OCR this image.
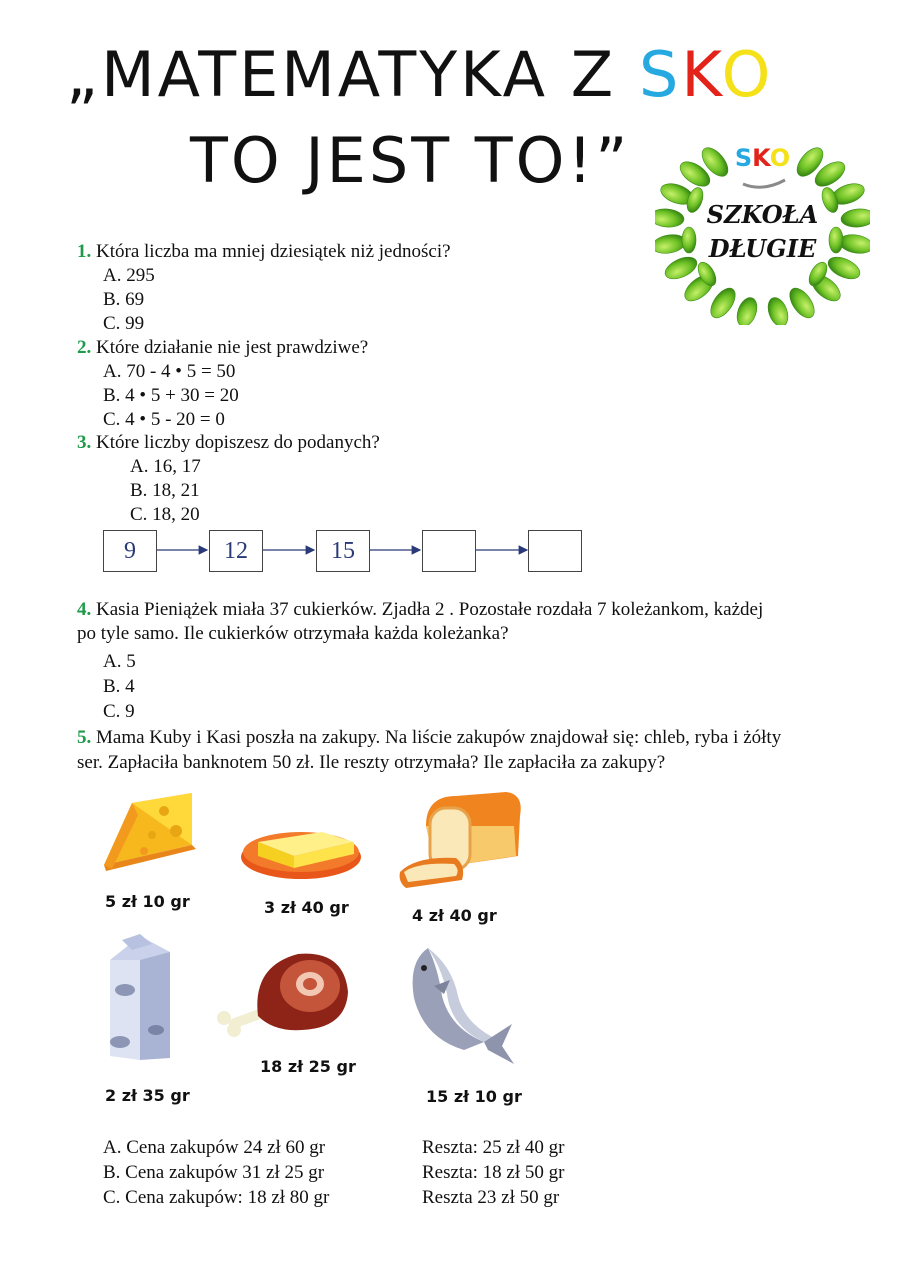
„MATEMATYKA Z SKO
TO JEST TO!”	SKO
SZKOŁA
DŁUGIE
1. Która liczba ma mniej dziesiątek niż jedności?
A. 295
B. 69
C. 99
2. Które działanie nie jest prawdziwe?
A. 70 - 4 • 5 = 50
B. 4 • 5 + 30 = 20
C. 4 • 5 - 20 = 0
3. Które liczby dopiszesz do podanych?
A. 16, 17
B. 18, 21
C. 18, 20
9	12	15
4. Kasia Pieniążek miała 37 cukierków. Zjadła 2 . Pozostałe rozdała 7 koleżankom, każdej
po tyle samo. Ile cukierków otrzymała każda koleżanka?
A. 5
B. 4
C. 9
5. Mama Kuby i Kasi poszła na zakupy. Na liście zakupów znajdował się: chleb, ryba i żółty
ser. Zapłaciła banknotem 50 zł. Ile reszty otrzymała? Ile zapłaciła za zakupy?
5 zł 10 gr	3 zł 40 gr	4 zł 40 gr
2 zł 35 gr
18 zł 25 gr
15 zł 10 gr
A. Cena zakupów 24 zł 60 gr	Reszta: 25 zł 40 gr
B. Cena zakupów 31 zł 25 gr	Reszta: 18 zł 50 gr
C. Cena zakupów: 18 zł 80 gr	Reszta 23 zł 50 gr
